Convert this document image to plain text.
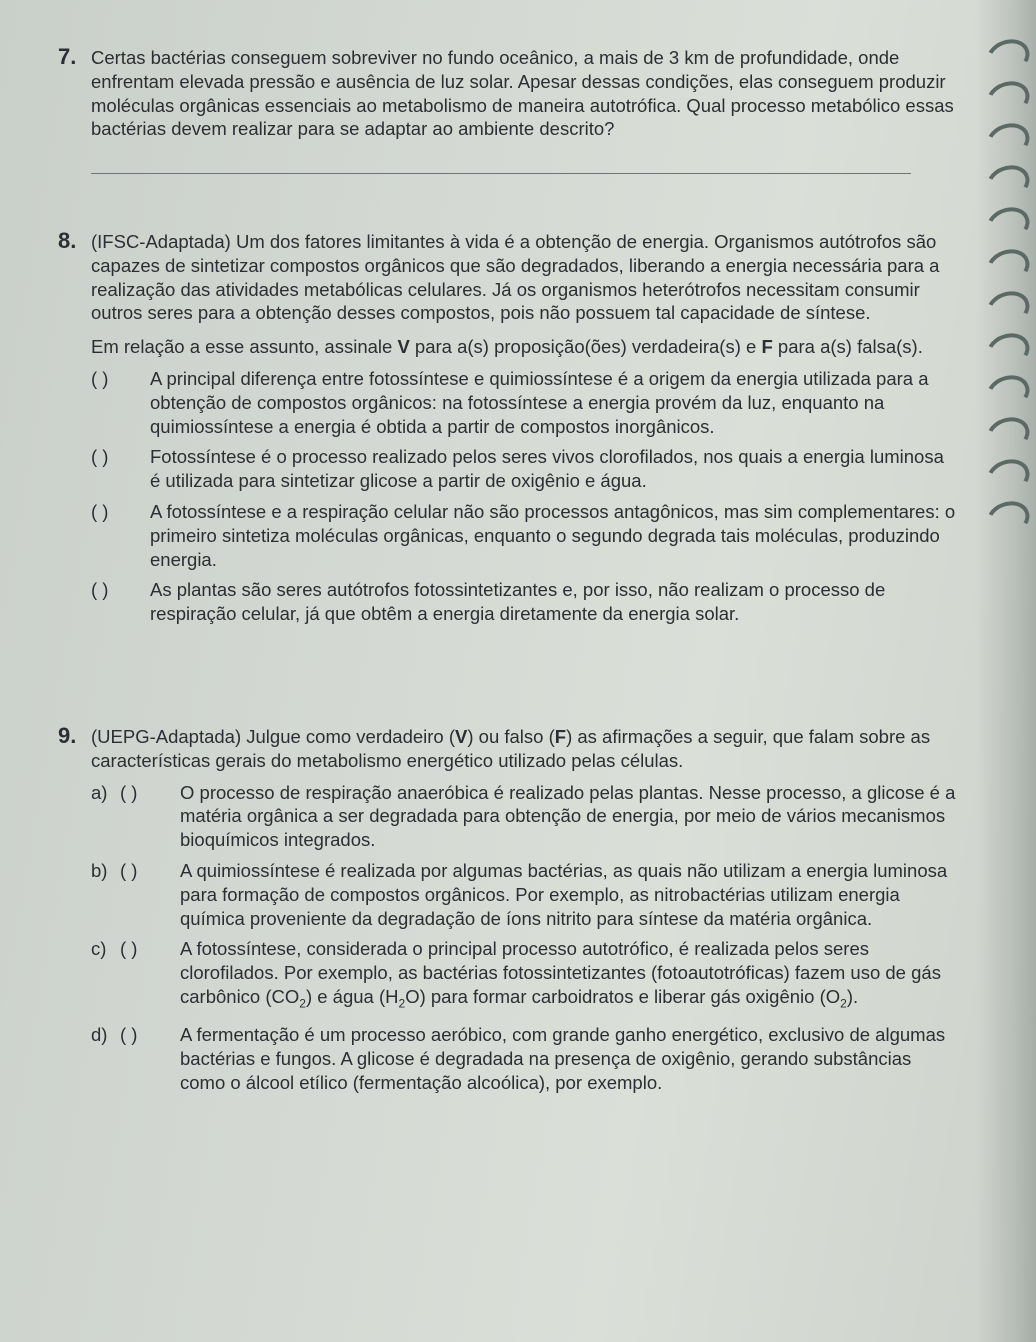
7. Certas bactérias conseguem sobreviver no fundo oceânico, a mais de 3 km de profundidade, onde enfrentam elevada pressão e ausência de luz solar. Apesar dessas condições, elas conseguem produzir moléculas orgânicas essenciais ao metabolismo de maneira autotrófica. Qual processo metabólico essas bactérias devem realizar para se adaptar ao ambiente descrito?

8. (IFSC-Adaptada) Um dos fatores limitantes à vida é a obtenção de energia. Organismos autótrofos são capazes de sintetizar compostos orgânicos que são degradados, liberando a energia necessária para a realização das atividades metabólicas celulares. Já os organismos heterótrofos necessitam consumir outros seres para a obtenção desses compostos, pois não possuem tal capacidade de síntese.

Em relação a esse assunto, assinale V para a(s) proposição(ões) verdadeira(s) e F para a(s) falsa(s).

( ) A principal diferença entre fotossíntese e quimiossíntese é a origem da energia utilizada para a obtenção de compostos orgânicos: na fotossíntese a energia provém da luz, enquanto na quimiossíntese a energia é obtida a partir de compostos inorgânicos.
( ) Fotossíntese é o processo realizado pelos seres vivos clorofilados, nos quais a energia luminosa é utilizada para sintetizar glicose a partir de oxigênio e água.
( ) A fotossíntese e a respiração celular não são processos antagônicos, mas sim complementares: o primeiro sintetiza moléculas orgânicas, enquanto o segundo degrada tais moléculas, produzindo energia.
( ) As plantas são seres autótrofos fotossintetizantes e, por isso, não realizam o processo de respiração celular, já que obtêm a energia diretamente da energia solar.
9. (UEPG-Adaptada) Julgue como verdadeiro (V) ou falso (F) as afirmações a seguir, que falam sobre as características gerais do metabolismo energético utilizado pelas células.

a) ( ) O processo de respiração anaeróbica é realizado pelas plantas. Nesse processo, a glicose é a matéria orgânica a ser degradada para obtenção de energia, por meio de vários mecanismos bioquímicos integrados.
b) ( ) A quimiossíntese é realizada por algumas bactérias, as quais não utilizam a energia luminosa para formação de compostos orgânicos. Por exemplo, as nitrobactérias utilizam energia química proveniente da degradação de íons nitrito para síntese da matéria orgânica.
c) ( ) A fotossíntese, considerada o principal processo autotrófico, é realizada pelos seres clorofilados. Por exemplo, as bactérias fotossintetizantes (fotoautotróficas) fazem uso de gás carbônico $(CO_2)$ e água $(H_2O)$ para formar carboidratos e liberar gás oxigênio $(O_2)$.
d) ( ) A fermentação é um processo aeróbico, com grande ganho energético, exclusivo de algumas bactérias e fungos. A glicose é degradada na presença de oxigênio, gerando substâncias como o álcool etílico (fermentação alcoólica), por exemplo.
